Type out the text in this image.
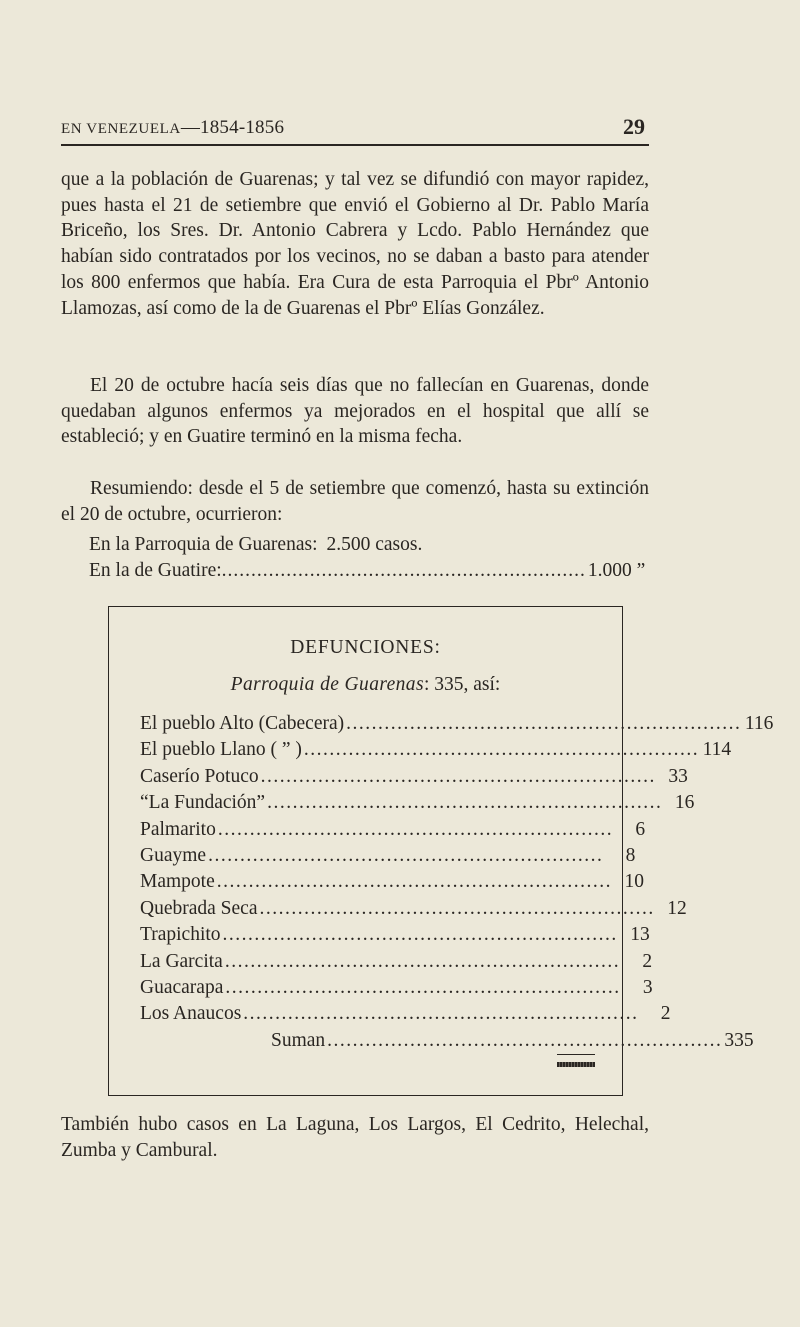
EN VENEZUELA—1854-1856	29

que a la población de Guarenas; y tal vez se difundió con mayor rapidez, pues hasta el 21 de setiembre que envió el Gobierno al Dr. Pablo María Briceño, los Sres. Dr. Antonio Cabrera y Lcdo. Pablo Hernández que habían sido contratados por los vecinos, no se daban a basto para atender los 800 enfermos que había. Era Cura de esta Parroquia el Pbrº Antonio Llamozas, así como de la de Guarenas el Pbrº Elías González.

El 20 de octubre hacía seis días que no fallecían en Guarenas, donde quedaban algunos enfermos ya mejorados en el hospital que allí se estableció; y en Guatire terminó en la misma fecha.

Resumiendo: desde el 5 de setiembre que comenzó, hasta su extinción el 20 de octubre, ocurrieron:

En la Parroquia de Guarenas: 2.500 casos.
En la de Guatire: .............................................................. 1.000 ”
DEFUNCIONES:
Parroquia de Guarenas: 335, así:
El pueblo Alto (Cabecera) .............................................................. 116
El pueblo Llano ( ” ) .............................................................. 114
Caserío Potuco .............................................................. 33
“La Fundación” .............................................................. 16
Palmarito ..............................................................	6
Guayme ..............................................................	8
Mampote .............................................................. 10
Quebrada Seca .............................................................. 12
Trapichito .............................................................. 13
La Garcita ..............................................................	2
Guacarapa ..............................................................	3
Los Anaucos ..............................................................	2
Suman .............................................................. 335

También hubo casos en La Laguna, Los Largos, El Cedrito, Helechal, Zumba y Cambural.
